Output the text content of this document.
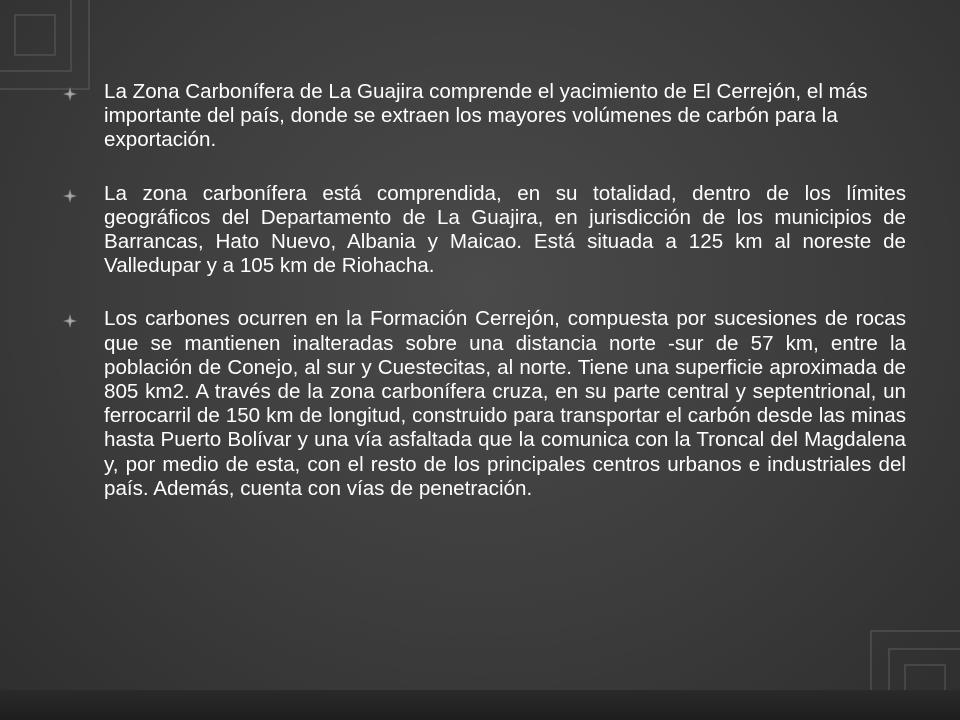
La Zona Carbonífera de La Guajira comprende el yacimiento de El Cerrejón, el más importante del país, donde se extraen los mayores volúmenes de carbón para la exportación.
La zona carbonífera está comprendida, en su totalidad, dentro de los límites geográficos del Departamento de La Guajira, en jurisdicción de los municipios de Barrancas, Hato Nuevo, Albania y Maicao. Está situada a 125 km al noreste de Valledupar y a 105 km de Riohacha.
Los carbones ocurren en la Formación Cerrejón, compuesta por sucesiones de rocas que se mantienen inalteradas sobre una distancia norte -sur de 57 km, entre la población de Conejo, al sur y Cuestecitas, al norte. Tiene una superficie aproximada de 805 km2. A través de la zona carbonífera cruza, en su parte central y septentrional, un ferrocarril de 150 km de longitud, construido para transportar el carbón desde las minas hasta Puerto Bolívar y una vía asfaltada que la comunica con la Troncal del Magdalena y, por medio de esta, con el resto de los principales centros urbanos e industriales del país. Además, cuenta con vías de penetración.
